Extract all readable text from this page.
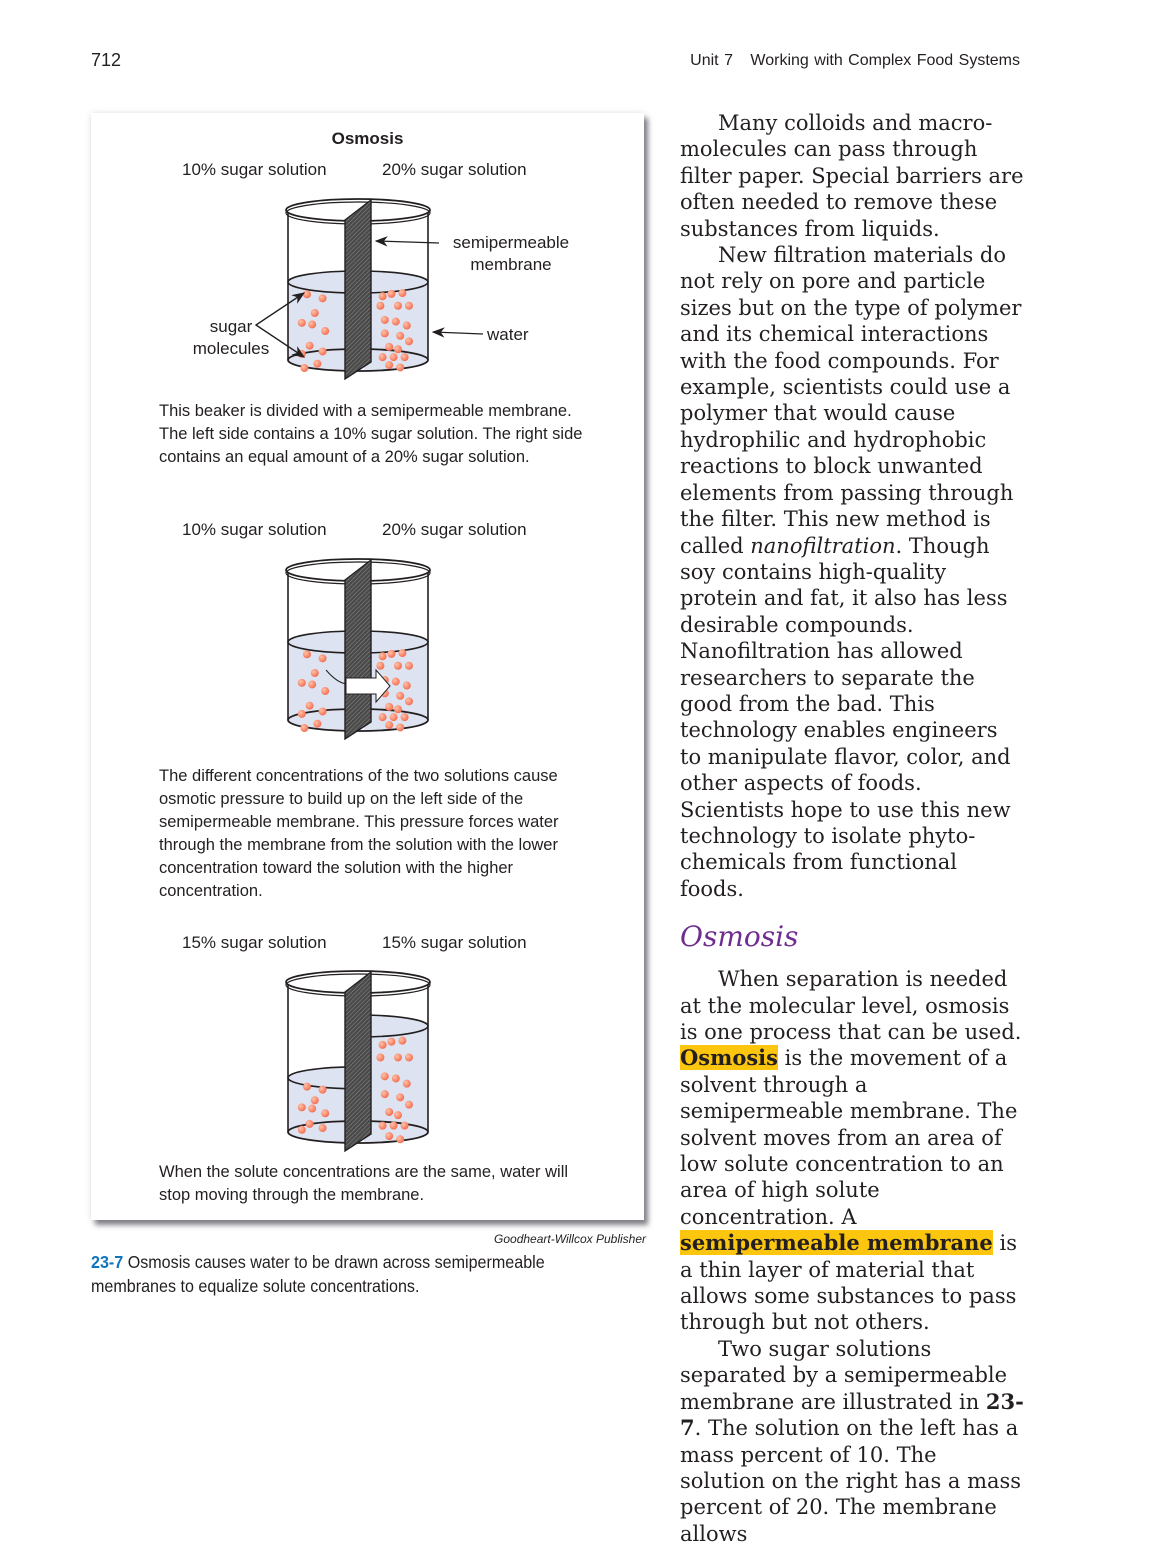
712	Unit 7 Working with Complex Food Systems
Osmosis
10% sugar solution	20% sugar solution
semipermeable membrane
sugar molecules
water
This beaker is divided with a semipermeable membrane. The left side contains a 10% sugar solution. The right side contains an equal amount of a 20% sugar solution.
10% sugar solution	20% sugar solution
The different concentrations of the two solutions cause osmotic pressure to build up on the left side of the semipermeable membrane. This pressure forces water through the membrane from the solution with the lower concentration toward the solution with the higher concentration.
15% sugar solution	15% sugar solution
When the solute concentrations are the same, water will stop moving through the membrane.
Goodheart-Willcox Publisher
23-7 Osmosis causes water to be drawn across semipermeable membranes to equalize solute concentrations.

Many colloids and macromolecules can pass through filter paper. Special barriers are often needed to remove these substances from liquids.

New filtration materials do not rely on pore and particle sizes but on the type of polymer and its chemical interactions with the food compounds. For example, scientists could use a polymer that would cause hydrophilic and hydrophobic reactions to block unwanted elements from passing through the filter. This new method is called nanofiltration. Though soy contains high-quality protein and fat, it also has less desirable compounds. Nanofiltration has allowed researchers to separate the good from the bad. This technology enables engineers to manipulate flavor, color, and other aspects of foods. Scientists hope to use this new technology to isolate phytochemicals from functional foods.

Osmosis

When separation is needed at the molecular level, osmosis is one process that can be used. Osmosis is the movement of a solvent through a semipermeable membrane. The solvent moves from an area of low solute concentration to an area of high solute concentration. A semipermeable membrane is a thin layer of material that allows some substances to pass through but not others.

Two sugar solutions separated by a semipermeable membrane are illustrated in 23-7. The solution on the left has a mass percent of 10. The solution on the right has a mass percent of 20. The membrane allows
